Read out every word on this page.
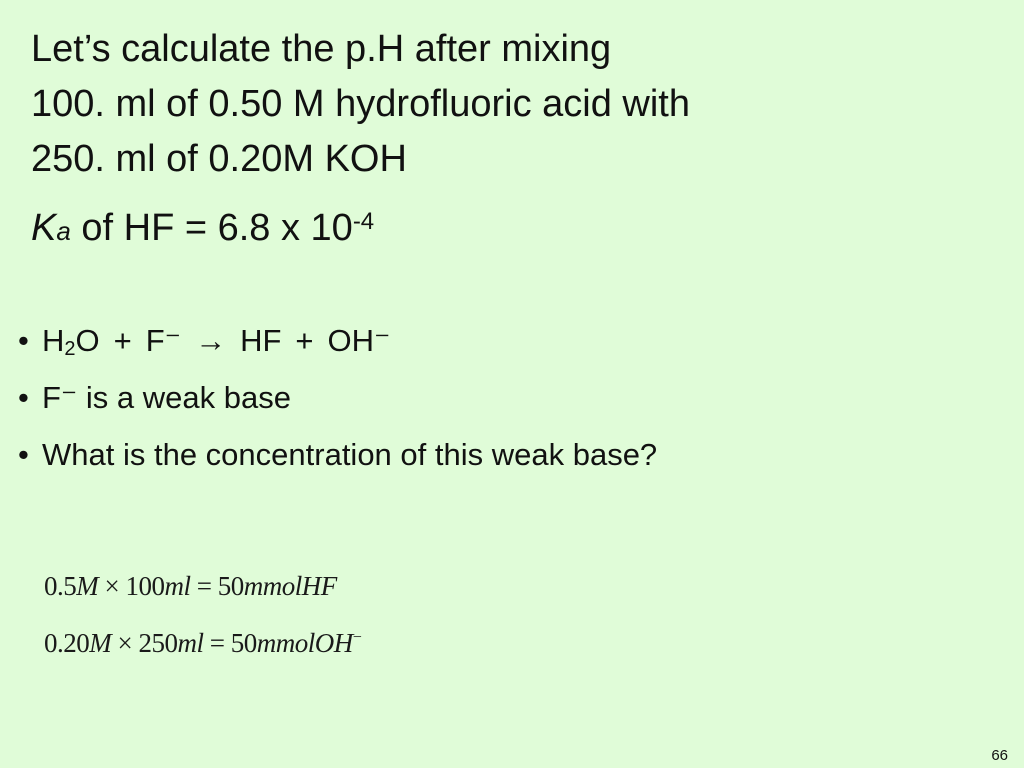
Let’s calculate the p.H after mixing
100. ml of 0.50 M hydrofluoric acid with
250. ml of 0.20M KOH
Ka of HF = 6.8 x $10^{-4}$
• $H_2O + F^-$ → HF + OH⁻
• F⁻ is a weak base
• What is the concentration of this weak base?
0.5M × 100ml = 50mmolHF
0.20M × 250ml = 50mmolOH−
66
